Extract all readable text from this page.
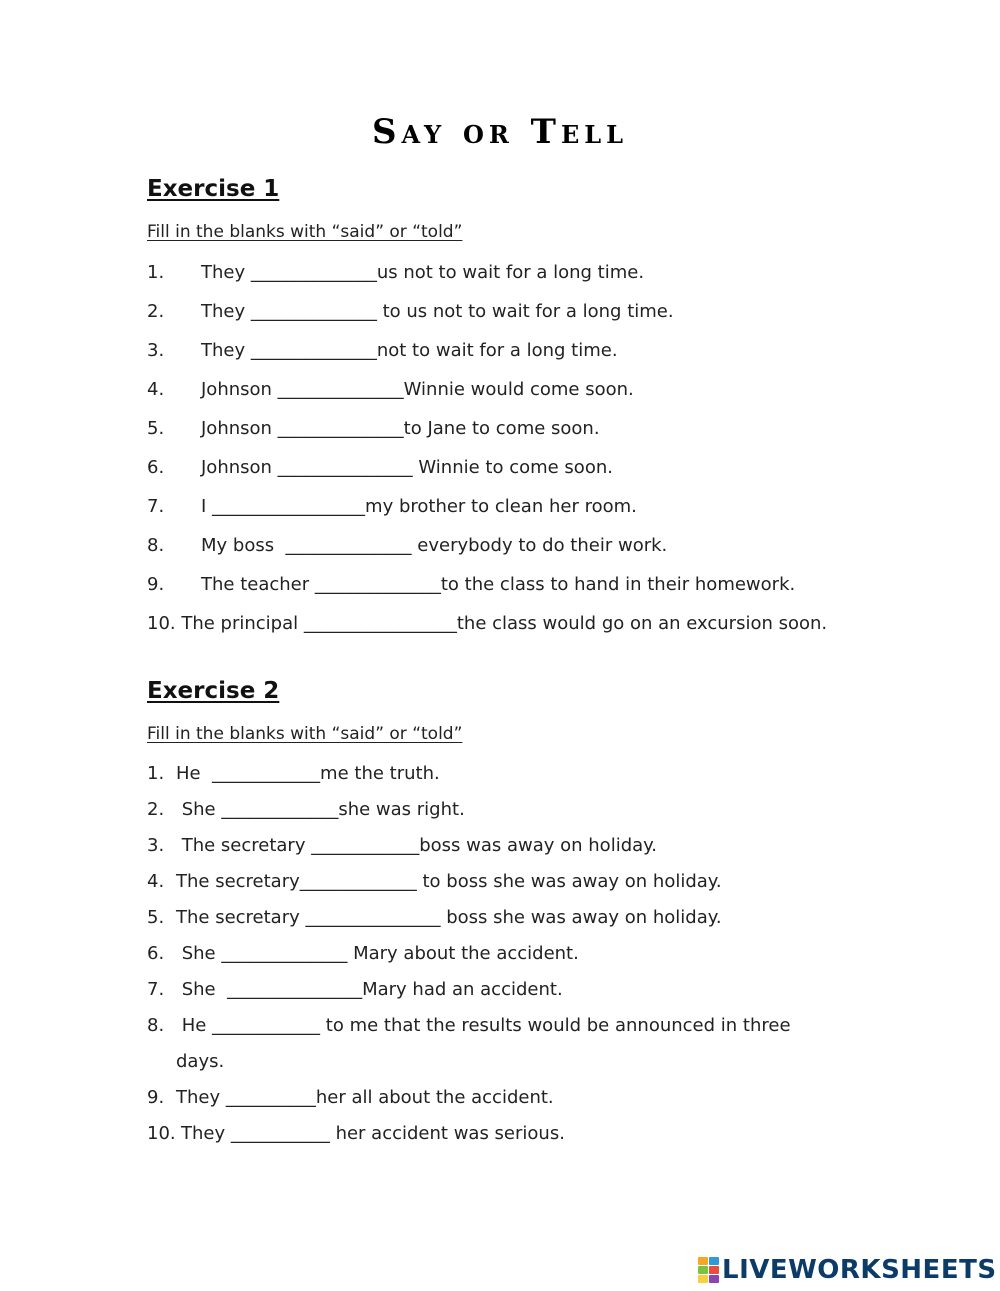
Say or Tell
Exercise 1

Fill in the blanks with “said” or “told”

1. They ______________us not to wait for a long time.
2. They ______________ to us not to wait for a long time.
3. They ______________not to wait for a long time.
4. Johnson ______________Winnie would come soon.
5. Johnson ______________to Jane to come soon.
6. Johnson _______________ Winnie to come soon.
7. I _________________my brother to clean her room.
8. My boss  ______________ everybody to do their work.
9. The teacher ______________to the class to hand in their homework.
10. The principal _________________the class would go on an excursion soon.
Exercise 2

Fill in the blanks with “said” or “told”

1. He  ____________me the truth.
2. She _____________she was right.
3. The secretary ____________boss was away on holiday.
4. The secretary_____________ to boss she was away on holiday.
5. The secretary _______________ boss she was away on holiday.
6. She ______________ Mary about the accident.
7. She  _______________Mary had an accident.
8. He ____________ to me that the results would be announced in three
days.
9. They __________her all about the accident.
10. They ___________ her accident was serious.
LIVEWORKSHEETS
